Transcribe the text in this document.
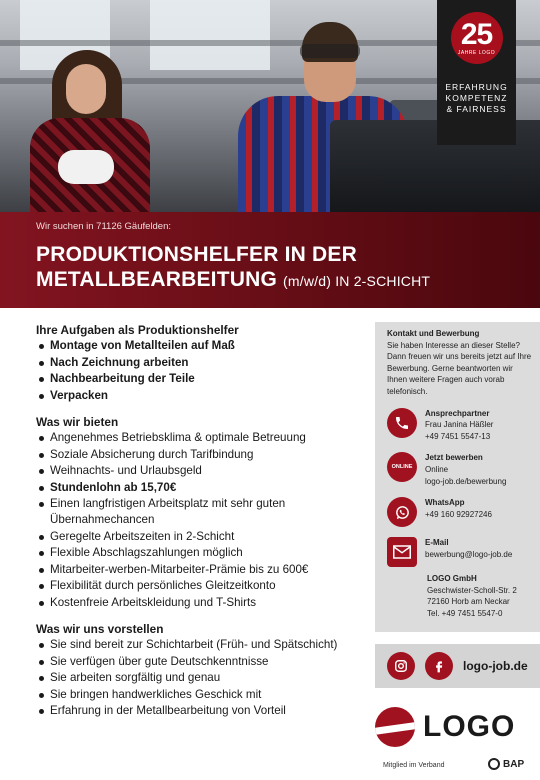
25
JAHRE LOGO
ERFAHRUNG
KOMPETENZ
& FAIRNESS
Wir suchen in 71126 Gäufelden:
PRODUKTIONSHELFER IN DER
METALLBEARBEITUNG (m/w/d) IN 2-SCHICHT
Ihre Aufgaben als Produktionshelfer
Montage von Metallteilen auf Maß
Nach Zeichnung arbeiten
Nachbearbeitung der Teile
Verpacken
Was wir bieten
Angenehmes Betriebsklima & optimale Betreuung
Soziale Absicherung durch Tarifbindung
Weihnachts- und Urlaubsgeld
Stundenlohn ab 15,70€
Einen langfristigen Arbeitsplatz mit sehr guten Übernahmechancen
Geregelte Arbeitszeiten in 2-Schicht
Flexible Abschlagszahlungen möglich
Mitarbeiter-werben-Mitarbeiter-Prämie bis zu 600€
Flexibilität durch persönliches Gleitzeitkonto
Kostenfreie Arbeitskleidung und T-Shirts
Was wir uns vorstellen
Sie sind bereit zur Schichtarbeit (Früh- und Spätschicht)
Sie verfügen über gute Deutschkenntnisse
Sie arbeiten sorgfältig und genau
Sie bringen handwerkliches Geschick mit
Erfahrung in der Metallbearbeitung von Vorteil
Kontakt und Bewerbung
Sie haben Interesse an dieser Stelle? Dann freuen wir uns bereits jetzt auf Ihre Bewerbung. Gerne beantworten wir Ihnen weitere Fragen auch vorab telefonisch.
Ansprechpartner
Frau Janina Häßler
+49 7451 5547-13
ONLINE
Jetzt bewerben
Online
logo-job.de/bewerbung
WhatsApp
+49 160 92927246
E-Mail
bewerbung@logo-job.de
LOGO GmbH
Geschwister-Scholl-Str. 2
72160 Horb am Neckar
Tel. +49 7451 5547-0
logo-job.de
LOGO
Mitglied im Verband	BAP
